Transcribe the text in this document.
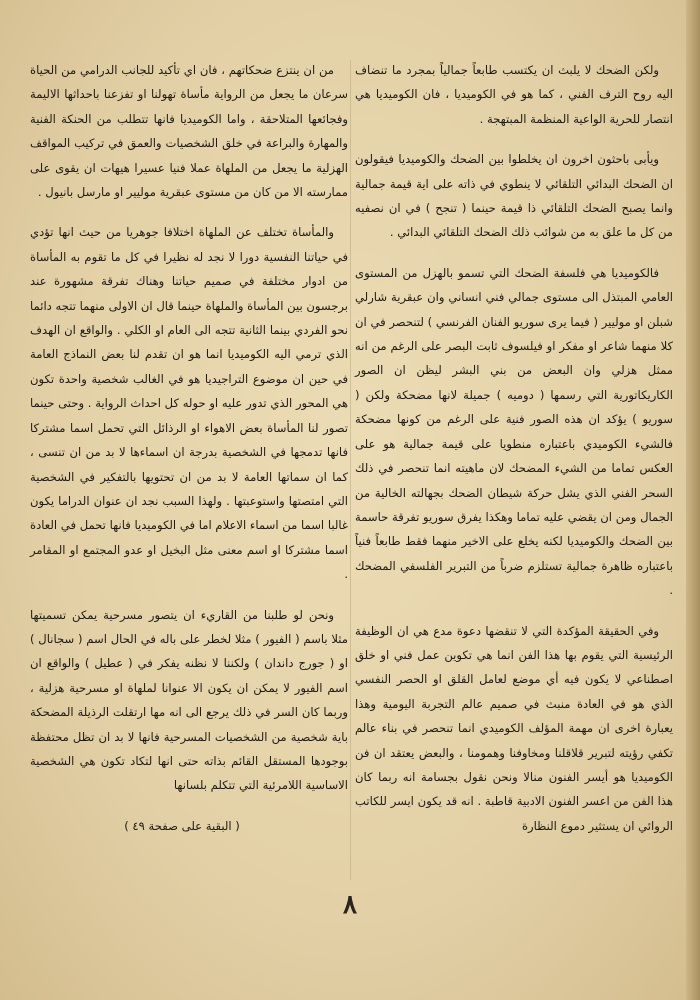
ولكن الضحك لا يلبث ان يكتسب طابعاً جمالياً بمجرد ما تنضاف اليه روح الترف الفني ، كما هو في الكوميديا ، فان الكوميديا هي انتصار للحرية الواعية المنظمة المبتهجة .

ويأبى باحثون اخرون ان يخلطوا بين الضحك والكوميديا فيقولون ان الضحك البدائي التلقائي لا ينطوي في ذاته على اية قيمة جمالية وانما يصبح الضحك التلقائي ذا قيمة حينما ( تنجح ) في ان نصفيه من كل ما علق به من شوائب ذلك الضحك التلقائي البدائي .

فالكوميديا هي فلسفة الضحك التي تسمو بالهزل من المستوى العامي المبتذل الى مستوى جمالي فني انساني وان عبقرية شارلي شبلن او موليير ( فيما يرى سوريو الفنان الفرنسي ) لتنحصر في ان كلا منهما شاعر او مفكر او فيلسوف ثابت البصر على الرغم من انه ممثل هزلي وان البعض من بني البشر ليظن ان الصور الكاريكاتورية التي رسمها ( دوميه ) جميلة لانها مضحكة ولكن ( سوريو ) يؤكد ان هذه الصور فنية على الرغم من كونها مضحكة فالشيء الكوميدي باعتباره منطويا على قيمة جمالية هو على العكس تماما من الشيء المضحك لان ماهيته انما تنحصر في ذلك السحر الفني الذي يشل حركة شيطان الضحك بجهالته الخالية من الجمال ومن ان يقضي عليه تماما وهكذا يفرق سوريو تفرقة حاسمة بين الضحك والكوميديا لكنه يخلع على الاخير منهما فقط طابعاً فنياً باعتباره ظاهرة جمالية تستلزم ضرباً من التبرير الفلسفي المضحك .

وفي الحقيقة المؤكدة التي لا تنقضها دعوة مدع هي ان الوظيفة الرئيسية التي يقوم بها هذا الفن انما هي تكوين عمل فني او خلق اصطناعي لا يكون فيه أي موضع لعامل القلق او الحصر النفسي الذي هو في العادة منبث في صميم عالم التجربة اليومية وهذا يعبارة اخرى ان مهمة المؤلف الكوميدي انما تنحصر في بناء عالم تكفي رؤيته لتبرير قلاقلنا ومخاوفنا وهمومنا ، والبعض يعتقد ان فن الكوميديا هو أيسر الفنون منالا ونحن نقول بجسامة انه ربما كان هذا الفن من اعسر الفنون الادبية قاطبة . انه قد يكون ايسر للكاتب الروائي ان يستثير دموع النظارة

من ان ينتزع ضحكاتهم ، فان اي تأكيد للجانب الدرامي من الحياة سرعان ما يجعل من الرواية مأساة تهولنا او تفزعنا باحداثها الاليمة وفجائعها المتلاحقة ، واما الكوميديا فانها تتطلب من الحنكة الفنية والمهارة والبراعة في خلق الشخصيات والعمق في تركيب المواقف الهزلية ما يجعل من الملهاة عملا فنيا عسيرا هيهات ان يقوى على ممارسته الا من كان من مستوى عبقرية موليير او مارسل بانيول .

والمأساة تختلف عن الملهاة اختلافا جوهريا من حيث انها تؤدي في حياتنا النفسية دورا لا نجد له نظيرا في كل ما تقوم به المأساة من ادوار مختلفة في صميم حياتنا وهناك تفرقة مشهورة عند برجسون بين المأساة والملهاة حينما قال ان الاولى منهما تتجه دائما نحو الفردي بينما الثانية تتجه الى العام او الكلي . والواقع ان الهدف الذي ترمي اليه الكوميديا انما هو ان تقدم لنا بعض النماذج العامة في حين ان موضوع التراجيديا هو في الغالب شخصية واحدة تكون هي المحور الذي تدور عليه او حوله كل احداث الرواية . وحتى حينما تصور لنا المأساة بعض الاهواء او الرذائل التي تحمل اسما مشتركا فانها تدمجها في الشخصية بدرجة ان اسماءها لا بد من ان تنسى ، كما ان سماتها العامة لا بد من ان تحتويها بالتفكير في الشخصية التي امتصتها واستوعبتها . ولهذا السبب نجد ان عنوان الدراما يكون غالبا اسما من اسماء الاعلام اما في الكوميديا فانها تحمل في العادة اسما مشتركا او اسم معنى مثل البخيل او عدو المجتمع او المقامر .

ونحن لو طلبنا من القاريء ان يتصور مسرحية يمكن تسميتها مثلا باسم ( الفيور ) مثلا لخطر على باله في الحال اسم ( سجانال ) او ( جورج داندان ) ولكننا لا نظنه يفكر في ( عطيل ) والواقع ان اسم الفيور لا يمكن ان يكون الا عنوانا لملهاة او مسرحية هزلية ، وربما كان السر في ذلك يرجع الى انه مها ارتقلت الرذيلة المضحكة باية شخصية من الشخصيات المسرحية فانها لا بد ان تظل محتفظة بوجودها المستقل القائم بذاته حتى انها لتكاد تكون هي الشخصية الاساسية اللامرئية التي تتكلم بلسانها

( البقية على صفحة ٤٩ )

٨
